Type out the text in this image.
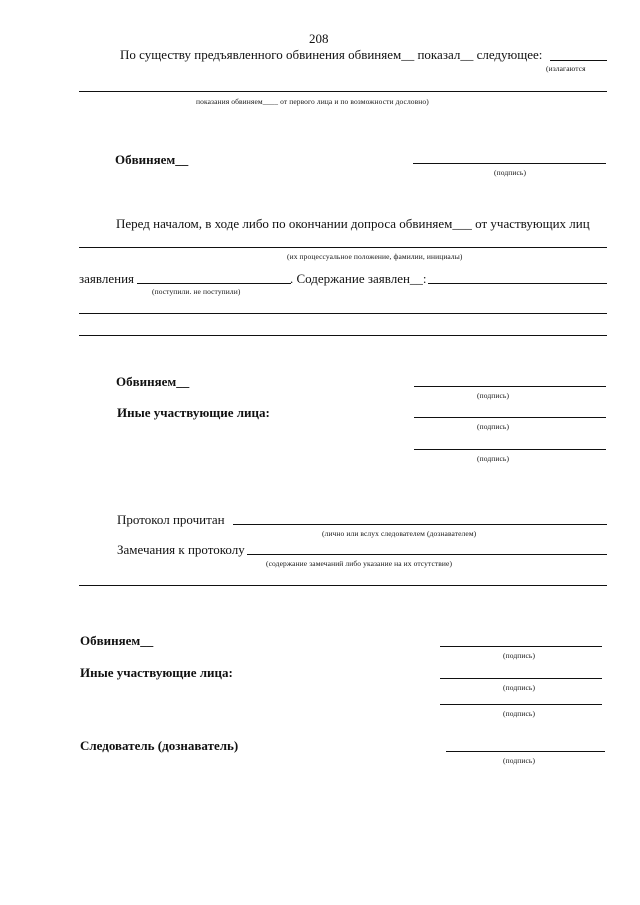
208
По существу предъявленного обвинения обвиняем__ показал__ следующее:
(излагаются
показания обвиняем____ от первого лица и по возможности дословно)
Обвиняем__
(подпись)
Перед началом, в ходе либо по окончании допроса обвиняем___ от участвующих лиц
(их процессуальное положение, фамилии, инициалы)
заявления	. Содержание заявлен__:
(поступили. не поступили)
Обвиняем__
(подпись)
Иные участвующие лица:
(подпись)
(подпись)
Протокол прочитан
(лично или вслух следователем (дознавателем)
Замечания к протоколу
(содержание замечаний либо указание на их отсутствие)
Обвиняем__
(подпись)
Иные участвующие лица:
(подпись)
(подпись)
Следователь (дознаватель)
(подпись)
